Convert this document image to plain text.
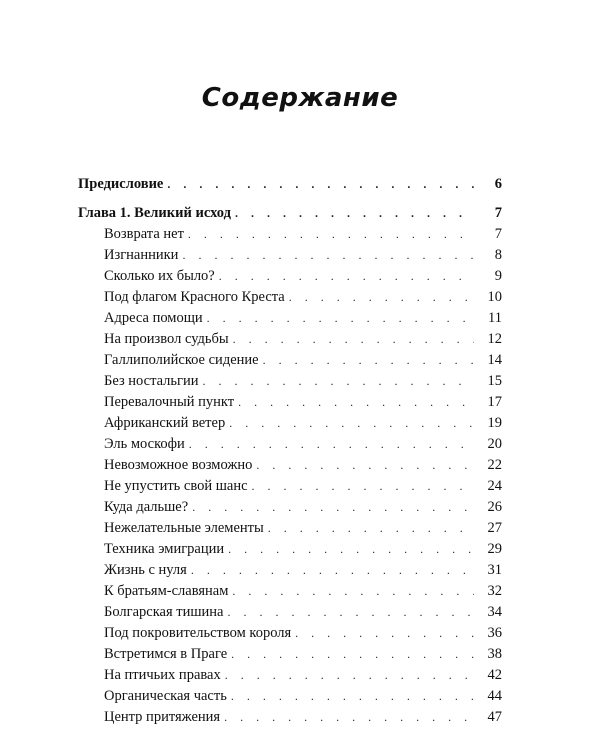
Содержание
Предисловие . . .	6
Глава 1. Великий исход . . .	7
Возврата нет . . .	7
Изгнанники . . .	8
Сколько их было? . . .	9
Под флагом Красного Креста . . .	10
Адреса помощи . . .	11
На произвол судьбы . . .	12
Галлиполийское сидение . . .	14
Без ностальгии . . .	15
Перевалочный пункт . . .	17
Африканский ветер . . .	19
Эль москофи . . .	20
Невозможное возможно . . .	22
Не упустить свой шанс . . .	24
Куда дальше? . . .	26
Нежелательные элементы . . .	27
Техника эмиграции . . .	29
Жизнь с нуля . . .	31
К братьям-славянам . . .	32
Болгарская тишина . . .	34
Под покровительством короля . . .	36
Встретимся в Праге . . .	38
На птичьих правах . . .	42
Органическая часть . . .	44
Центр притяжения . . .	47
